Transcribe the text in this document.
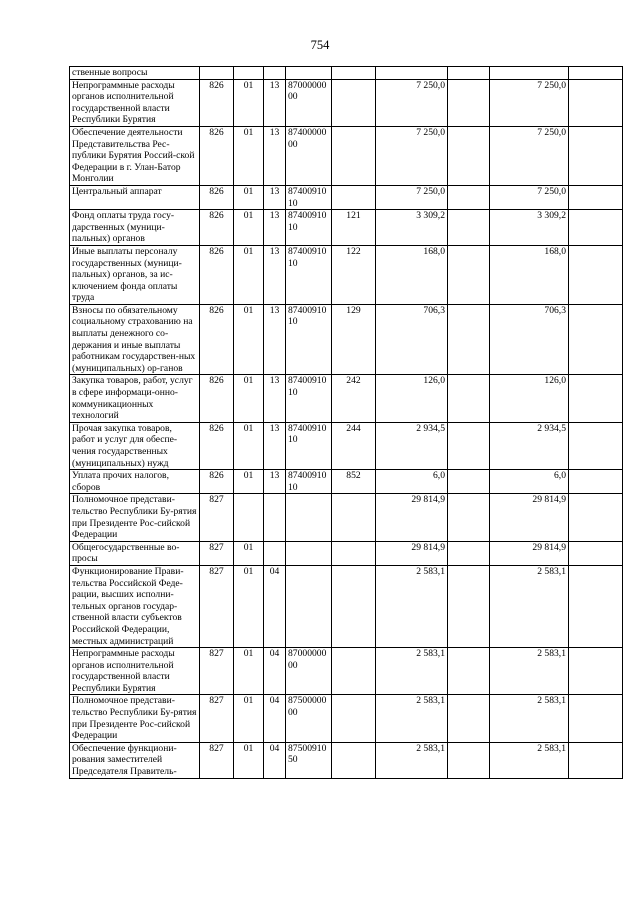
754
ственные вопросы									
Непрограммные расходы органов исполнительной государственной власти Республики Бурятия	826	01	13	87000000 00		7 250,0		7 250,0	
Обеспечение деятельности Представительства Рес-публики Бурятия Россий-ской Федерации в г. Улан-Батор Монголии	826	01	13	87400000 00		7 250,0		7 250,0	
Центральный аппарат	826	01	13	87400910 10		7 250,0		7 250,0	
Фонд оплаты труда госу-дарственных (муници-пальных) органов	826	01	13	87400910 10	121	3 309,2		3 309,2	
Иные выплаты персоналу государственных (муници-пальных) органов, за ис-ключением фонда оплаты труда	826	01	13	87400910 10	122	168,0		168,0	
Взносы по обязательному социальному страхованию на выплаты денежного со-держания и иные выплаты работникам государствен-ных (муниципальных) ор-ганов	826	01	13	87400910 10	129	706,3		706,3	
Закупка товаров, работ, услуг в сфере информаци-онно-коммуникационных технологий	826	01	13	87400910 10	242	126,0		126,0	
Прочая закупка товаров, работ и услуг для обеспе-чения государственных (муниципальных) нужд	826	01	13	87400910 10	244	2 934,5		2 934,5	
Уплата прочих налогов, сборов	826	01	13	87400910 10	852	6,0		6,0	
Полномочное представи-тельство Республики Бу-рятия при Президенте Рос-сийской Федерации	827					29 814,9		29 814,9	
Общегосударственные во-просы	827	01				29 814,9		29 814,9	
Функционирование Прави-тельства Российской Феде-рации, высших исполни-тельных органов государ-ственной власти субъектов Российской Федерации, местных администраций	827	01	04			2 583,1		2 583,1	
Непрограммные расходы органов исполнительной государственной власти Республики Бурятия	827	01	04	87000000 00		2 583,1		2 583,1	
Полномочное представи-тельство Республики Бу-рятия при Президенте Рос-сийской Федерации	827	01	04	87500000 00		2 583,1		2 583,1	
Обеспечение функциони-рования заместителей Председателя Правитель-	827	01	04	87500910 50		2 583,1		2 583,1	
